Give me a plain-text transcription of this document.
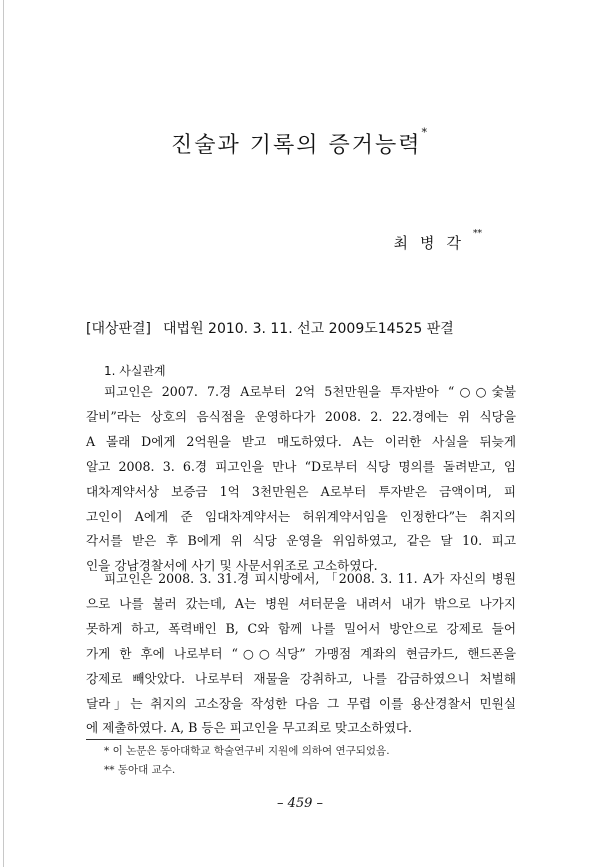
진술과 기록의 증거능력*
최병각**
[대상판결] 대법원 2010. 3. 11. 선고 2009도14525 판결
1. 사실관계
피고인은 2007. 7.경 A로부터 2억 5천만원을 투자받아 “○○숯불
갈비”라는 상호의 음식점을 운영하다가 2008. 2. 22.경에는 위 식당을
A 몰래 D에게 2억원을 받고 매도하였다. A는 이러한 사실을 뒤늦게
알고 2008. 3. 6.경 피고인을 만나 “D로부터 식당 명의를 돌려받고, 임
대차계약서상 보증금 1억 3천만원은 A로부터 투자받은 금액이며, 피
고인이 A에게 준 임대차계약서는 허위계약서임을 인정한다”는 취지의
각서를 받은 후 B에게 위 식당 운영을 위임하였고, 같은 달 10. 피고
인을 강남경찰서에 사기 및 사문서위조로 고소하였다.
피고인은 2008. 3. 31.경 피시방에서, 「2008. 3. 11. A가 자신의 병원
으로 나를 불러 갔는데, A는 병원 셔터문을 내려서 내가 밖으로 나가지
못하게 하고, 폭력배인 B, C와 함께 나를 밀어서 방안으로 강제로 들어
가게 한 후에 나로부터 “○○식당” 가맹점 계좌의 현금카드, 핸드폰을
강제로 빼앗았다. 나로부터 재물을 강취하고, 나를 감금하였으니 처벌해
달라」는 취지의 고소장을 작성한 다음 그 무렵 이를 용산경찰서 민원실
에 제출하였다. A, B 등은 피고인을 무고죄로 맞고소하였다.
* 이 논문은 동아대학교 학술연구비 지원에 의하여 연구되었음.
** 동아대 교수.
– 459 –
